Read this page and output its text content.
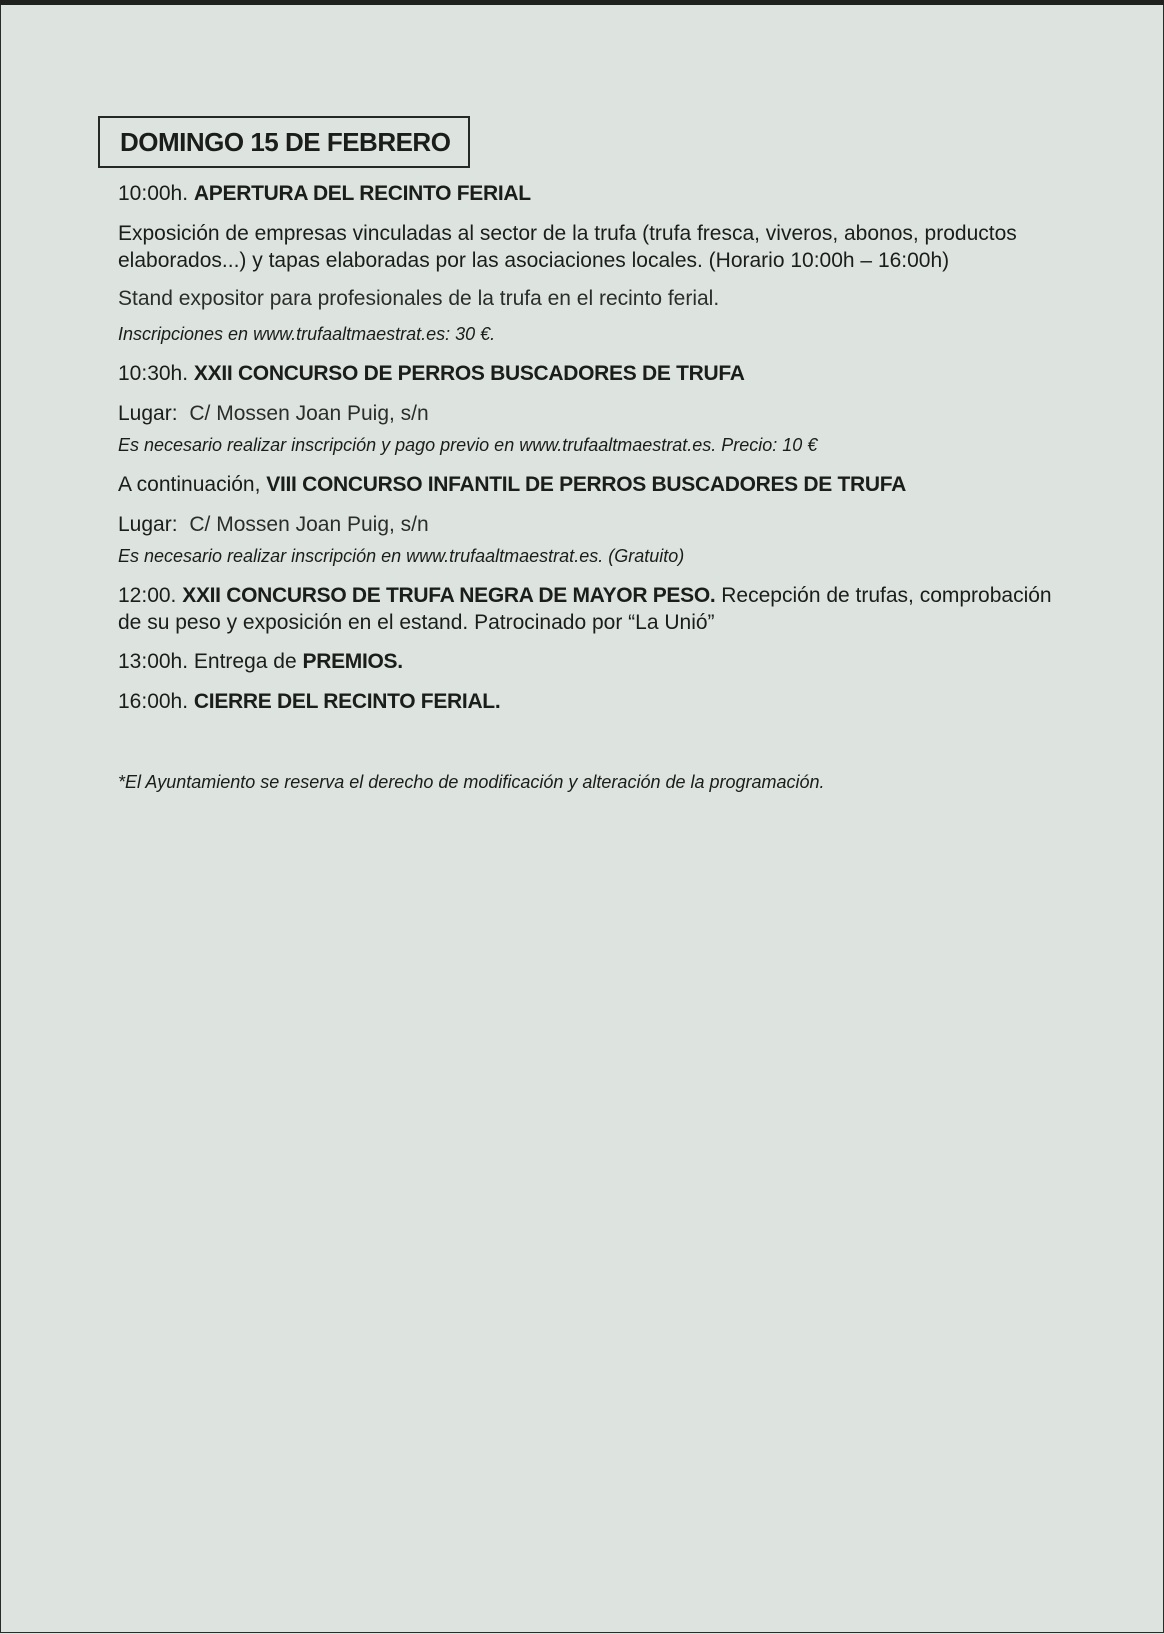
DOMINGO 15 DE FEBRERO
10:00h. APERTURA DEL RECINTO FERIAL
Exposición de empresas vinculadas al sector de la trufa (trufa fresca, viveros, abonos, productos elaborados...) y tapas elaboradas por las asociaciones locales. (Horario 10:00h – 16:00h)
Stand expositor para profesionales de la trufa en el recinto ferial.
Inscripciones en www.trufaaltmaestrat.es: 30 €.
10:30h. XXII CONCURSO DE PERROS BUSCADORES DE TRUFA
Lugar: C/ Mossen Joan Puig, s/n
Es necesario realizar inscripción y pago previo en www.trufaaltmaestrat.es. Precio: 10 €
A continuación, VIII CONCURSO INFANTIL DE PERROS BUSCADORES DE TRUFA
Lugar: C/ Mossen Joan Puig, s/n
Es necesario realizar inscripción en www.trufaaltmaestrat.es. (Gratuito)
12:00. XXII CONCURSO DE TRUFA NEGRA DE MAYOR PESO. Recepción de trufas, comprobación de su peso y exposición en el estand. Patrocinado por “La Unió”
13:00h. Entrega de PREMIOS.
16:00h. CIERRE DEL RECINTO FERIAL.
*El Ayuntamiento se reserva el derecho de modificación y alteración de la programación.
